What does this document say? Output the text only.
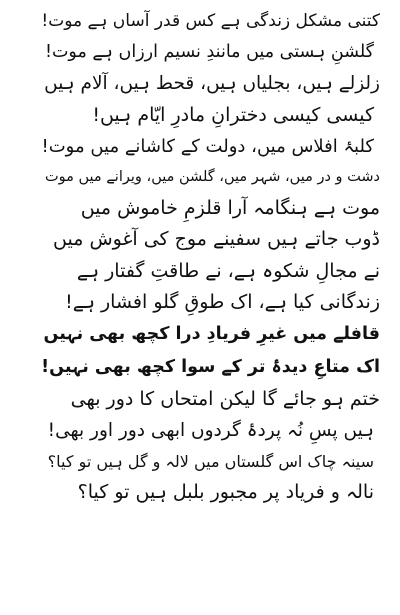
کتنی مشکل زندگی ہے کس قدر آساں ہے موت!
گلشنِ ہستی میں مانندِ نسیم ارزاں ہے موت!
زلزلے ہیں، بجلیاں ہیں، قحط ہیں، آلام ہیں
کیسی کیسی دخترانِ مادرِ ایّام ہیں!
کلبۂ افلاس میں، دولت کے کاشانے میں موت!
دشت و در میں، شہر میں، گلشن میں، ویرانے میں موت
موت ہے ہنگامہ آرا قلزمِ خاموش میں
ڈوب جاتے ہیں سفینے موج کی آغوش میں
نے مجالِ شکوہ ہے، نے طاقتِ گفتار ہے
زندگانی کیا ہے، اک طوقِ گلو افشار ہے!
قافلے میں غیرِ فریادِ درا کچھ بھی نہیں
اک متاعِ دیدۂ تر کے سوا کچھ بھی نہیں!
ختم ہو جائے گا لیکن امتحاں کا دور بھی
ہیں پسِ نُہ پردۂ گردوں ابھی دور اور بھی!
سینہ چاک اس گلستاں میں لالہ و گل ہیں تو کیا؟
نالہ و فریاد پر مجبور بلبل ہیں تو کیا؟
